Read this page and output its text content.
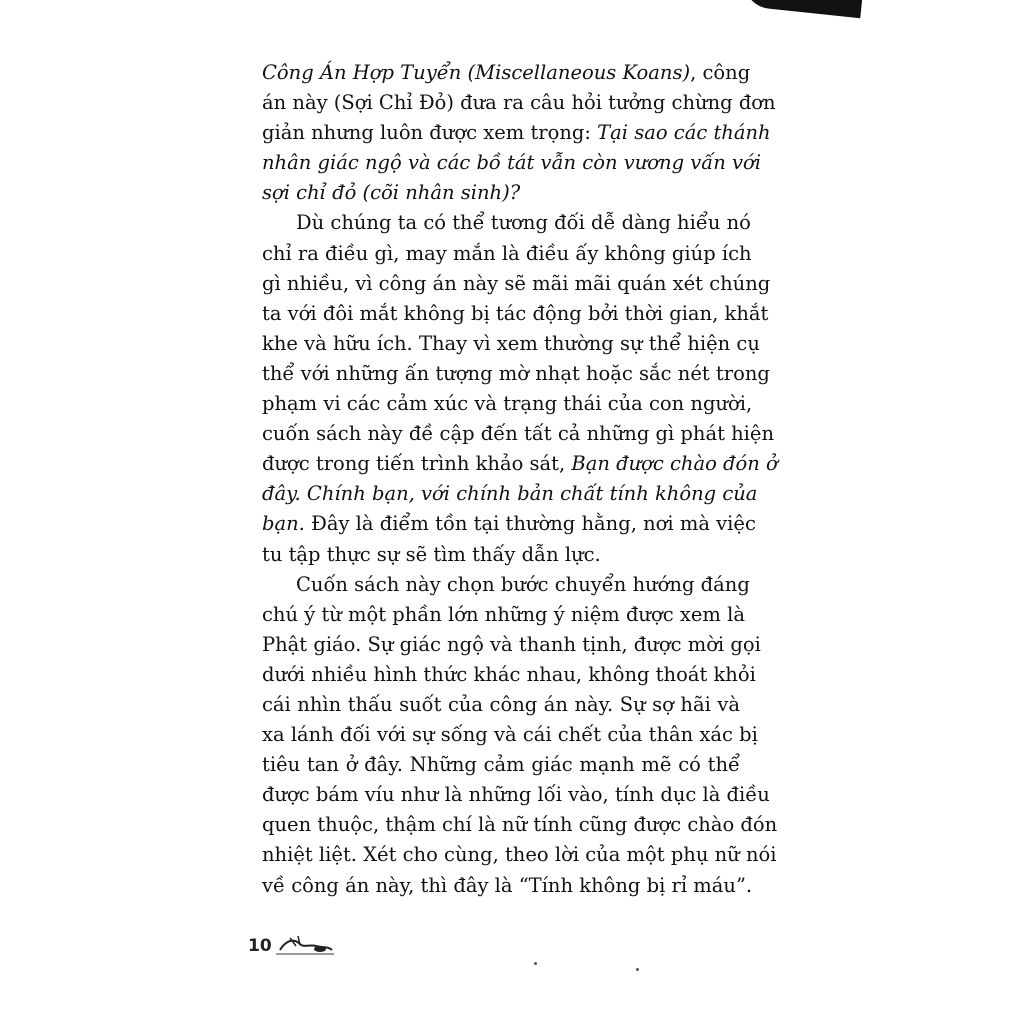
Công Án Hợp Tuyển (Miscellaneous Koans), công
án này (Sợi Chỉ Đỏ) đưa ra câu hỏi tưởng chừng đơn
giản nhưng luôn được xem trọng: Tại sao các thánh
nhân giác ngộ và các bồ tát vẫn còn vương vấn với
sợi chỉ đỏ (cõi nhân sinh)?
Dù chúng ta có thể tương đối dễ dàng hiểu nó
chỉ ra điều gì, may mắn là điều ấy không giúp ích
gì nhiều, vì công án này sẽ mãi mãi quán xét chúng
ta với đôi mắt không bị tác động bởi thời gian, khắt
khe và hữu ích. Thay vì xem thường sự thể hiện cụ
thể với những ấn tượng mờ nhạt hoặc sắc nét trong
phạm vi các cảm xúc và trạng thái của con người,
cuốn sách này đề cập đến tất cả những gì phát hiện
được trong tiến trình khảo sát, Bạn được chào đón ở
đây. Chính bạn, với chính bản chất tính không của
bạn. Đây là điểm tồn tại thường hằng, nơi mà việc
tu tập thực sự sẽ tìm thấy dẫn lực.
Cuốn sách này chọn bước chuyển hướng đáng
chú ý từ một phần lớn những ý niệm được xem là
Phật giáo. Sự giác ngộ và thanh tịnh, được mời gọi
dưới nhiều hình thức khác nhau, không thoát khỏi
cái nhìn thấu suốt của công án này. Sự sợ hãi và
xa lánh đối với sự sống và cái chết của thân xác bị
tiêu tan ở đây. Những cảm giác mạnh mẽ có thể
được bám víu như là những lối vào, tính dục là điều
quen thuộc, thậm chí là nữ tính cũng được chào đón
nhiệt liệt. Xét cho cùng, theo lời của một phụ nữ nói
về công án này, thì đây là “Tính không bị rỉ máu”.
10
